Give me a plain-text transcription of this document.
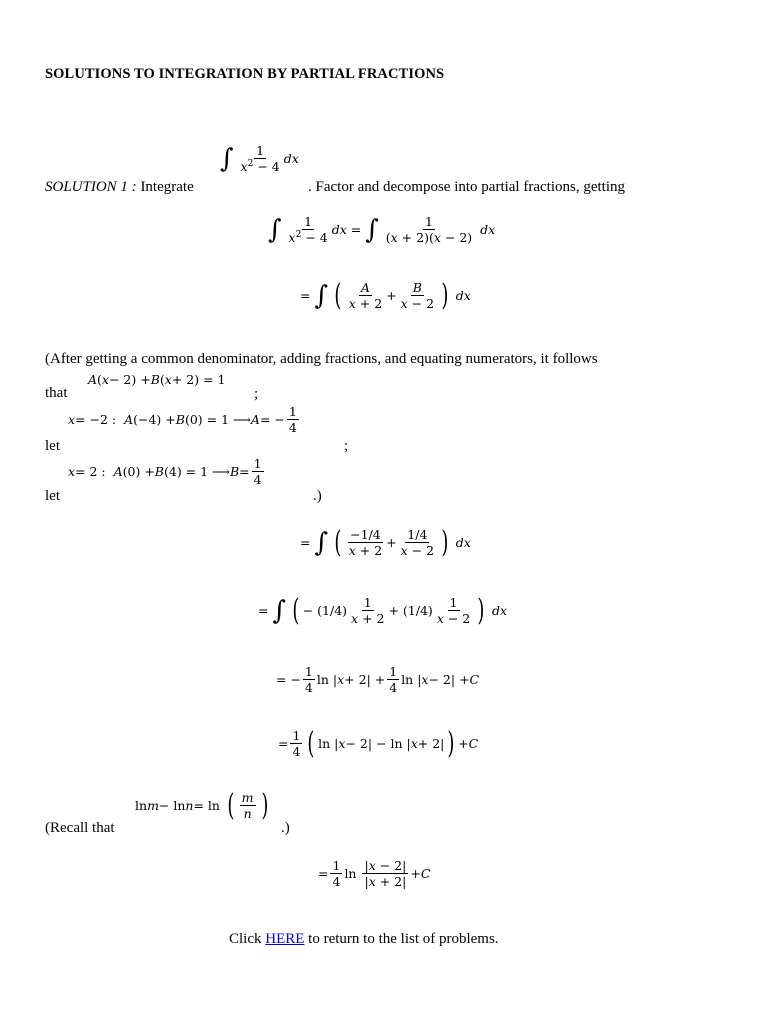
SOLUTIONS TO INTEGRATION BY PARTIAL FRACTIONS
SOLUTION 1 : Integrate
∫ $\frac{1}{x^2 - 4}$ dx
. Factor and decompose into partial fractions, getting
∫ $\frac{1}{x^2 - 4}$ dx = ∫ $\frac{1}{(x + 2)(x - 2)}$
dx
= ∫ ( $\frac{A}{x + 2} + \frac{B}{x - 2}$ )
dx
(After getting a common denominator, adding fractions, and equating numerators, it follows
that
A ( x − 2) + B ( x + 2) = 1
;
x = −2 : A (−4) + B (0) = 1 ⟶ A = − $\frac{1}{4}$
let	;
x = 2 : A (0) + B (4) = 1 ⟶ $B = \frac{1}{4}$
let	.)
= ∫ ( $\frac{-1/4}{x + 2} + \frac{1/4}{x - 2}$ )
dx
= ∫ ( − $(1/4) \frac{1}{x + 2} + (1/4) \frac{1}{x - 2}$ )
dx
= − $\frac{1}{4}$ ln | $x + 2| + \frac{1}{4}$ ln | x − 2| + C
= $\frac{1}{4}$ ( ln | x − 2| − ln | x + 2| ) + C
ln m − ln n = ln ( $\frac{m}{n}$ )
(Recall that	.)
= $\frac{1}{4}$ $\ln \frac{|x - 2|}{|x + 2|} + C$
Click HERE to return to the list of problems.
